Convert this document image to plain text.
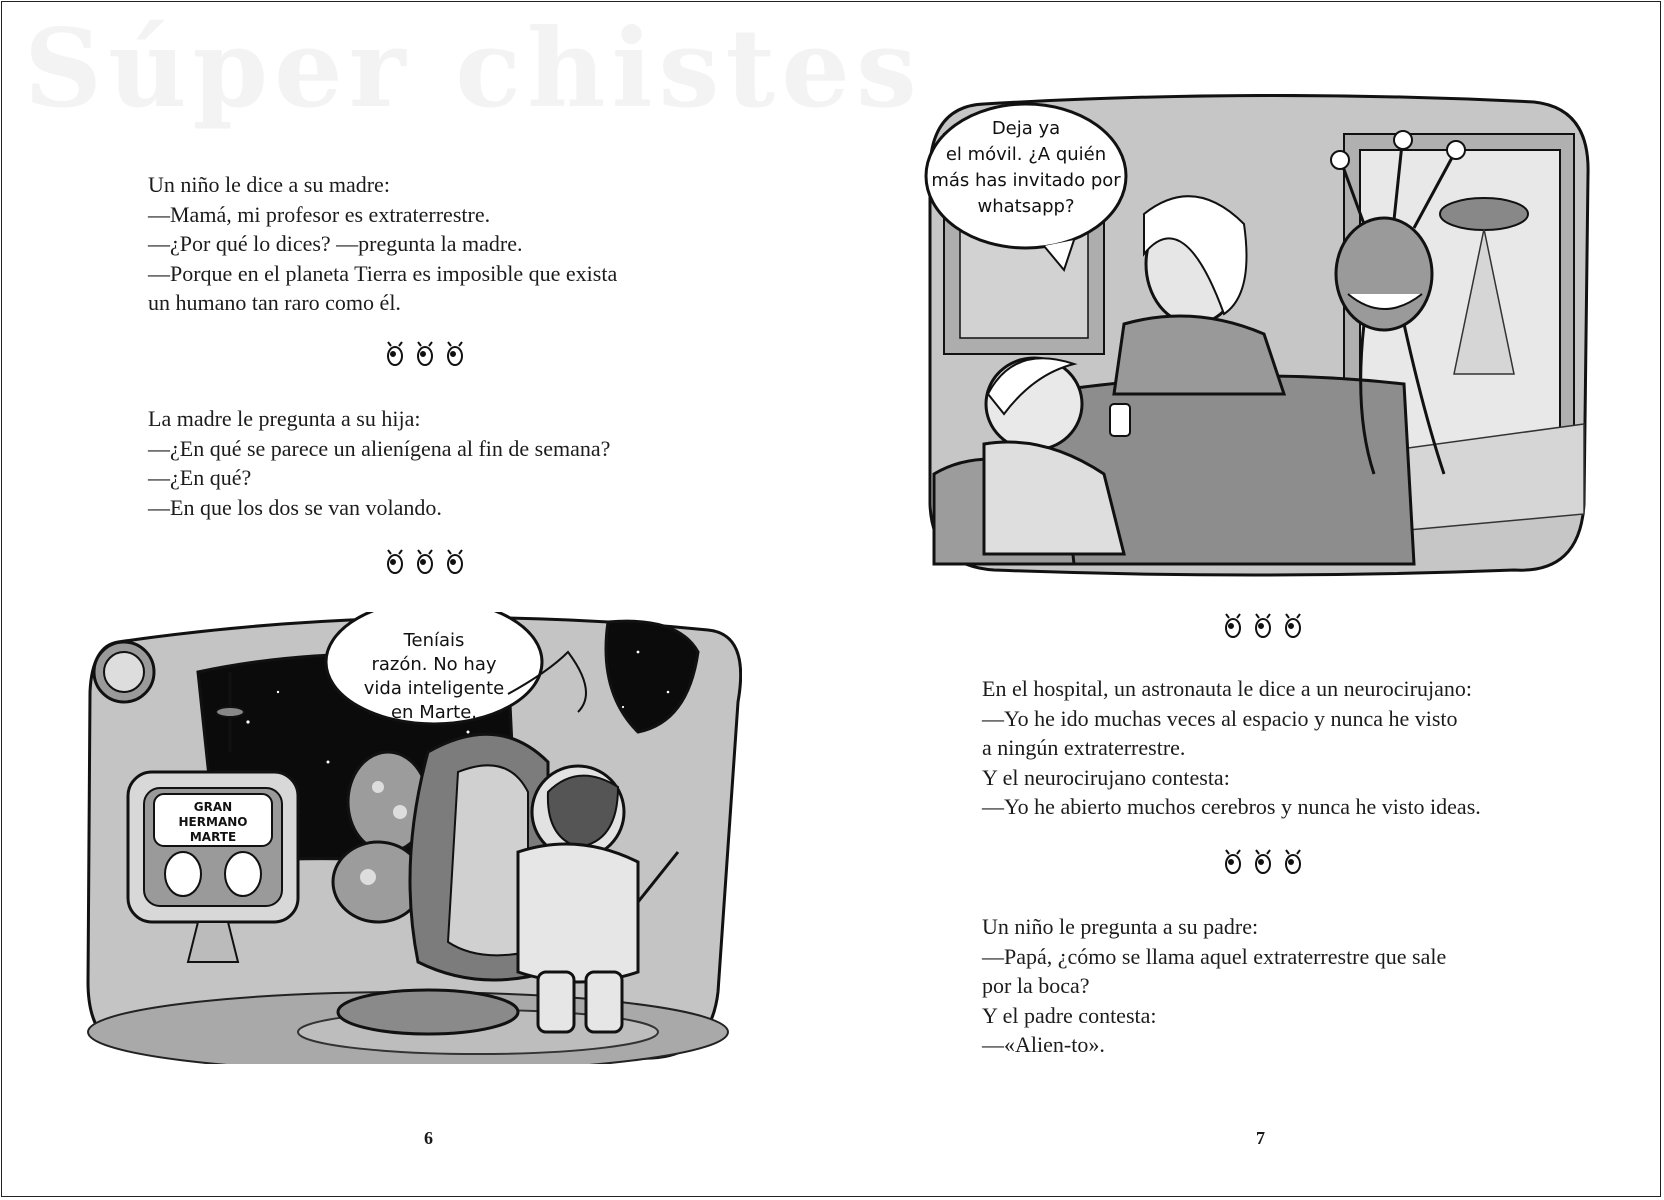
Súper chistes

Un niño le dice a su madre:

—Mamá, mi profesor es extraterrestre.

—¿Por qué lo dices? —pregunta la madre.

—Porque en el planeta Tierra es imposible que exista

un humano tan raro como él.

La madre le pregunta a su hija:

—¿En qué se parece un alienígena al fin de semana?

—¿En qué?

—En que los dos se van volando.

GRAN
HERMANO
MARTE
Teníais
razón. No hay
vida inteligente
en Marte.
6
Deja ya
el móvil. ¿A quién
más has invitado por
whatsapp?

En el hospital, un astronauta le dice a un neurocirujano:

—Yo he ido muchas veces al espacio y nunca he visto

a ningún extraterrestre.

Y el neurocirujano contesta:

—Yo he abierto muchos cerebros y nunca he visto ideas.

Un niño le pregunta a su padre:

—Papá, ¿cómo se llama aquel extraterrestre que sale

por la boca?

Y el padre contesta:

—«Alien-to».

7
